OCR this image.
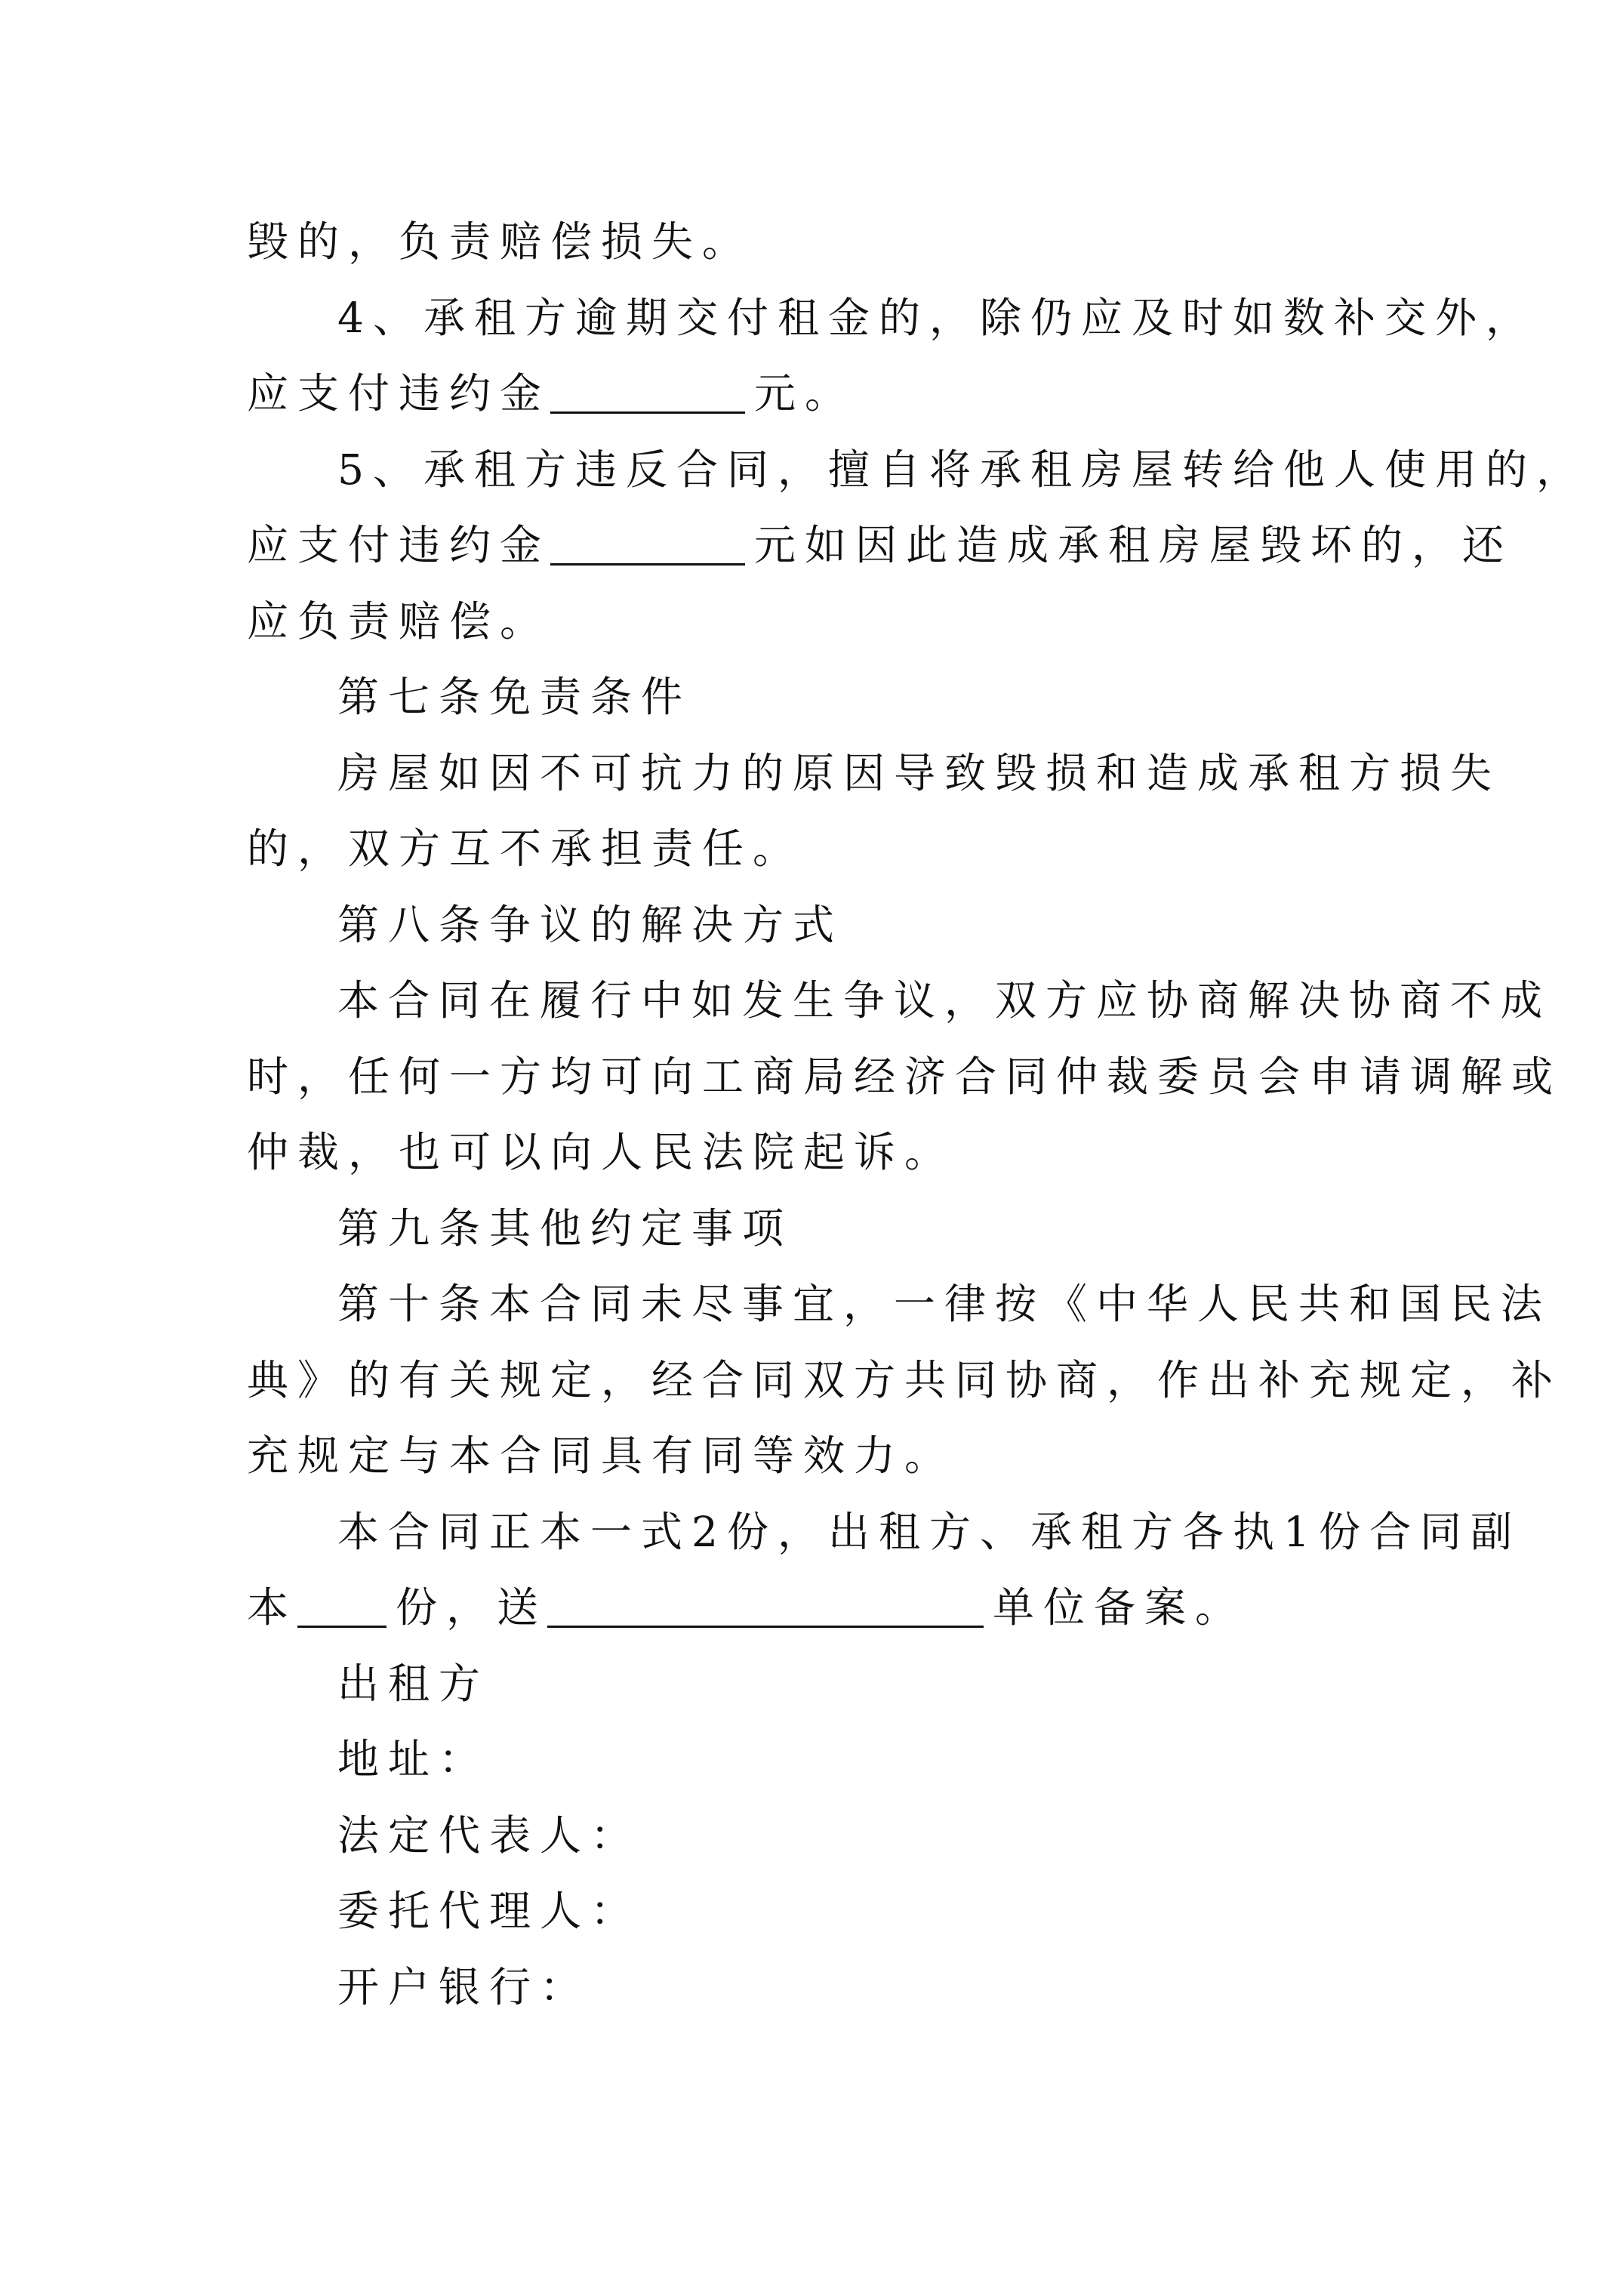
毁的，负责赔偿损失。
4、承租方逾期交付租金的，除仍应及时如数补交外，
应支付违约金	元。
5、承租方违反合同，擅自将承租房屋转给他人使用的，
应支付违约金	元如因此造成承租房屋毁坏的，还
应负责赔偿。
第七条免责条件
房屋如因不可抗力的原因导致毁损和造成承租方损失
的，双方互不承担责任。
第八条争议的解决方式
本合同在履行中如发生争议，双方应协商解决协商不成
时，任何一方均可向工商局经济合同仲裁委员会申请调解或
仲裁，也可以向人民法院起诉。
第九条其他约定事项
第十条本合同未尽事宜，一律按《中华人民共和国民法
典》的有关规定，经合同双方共同协商，作出补充规定，补
充规定与本合同具有同等效力。
本合同正本一式2份，出租方、承租方各执1份合同副
本 份，送	单位备案。
出租方
地址：
法定代表人：
委托代理人：
开户银行：
